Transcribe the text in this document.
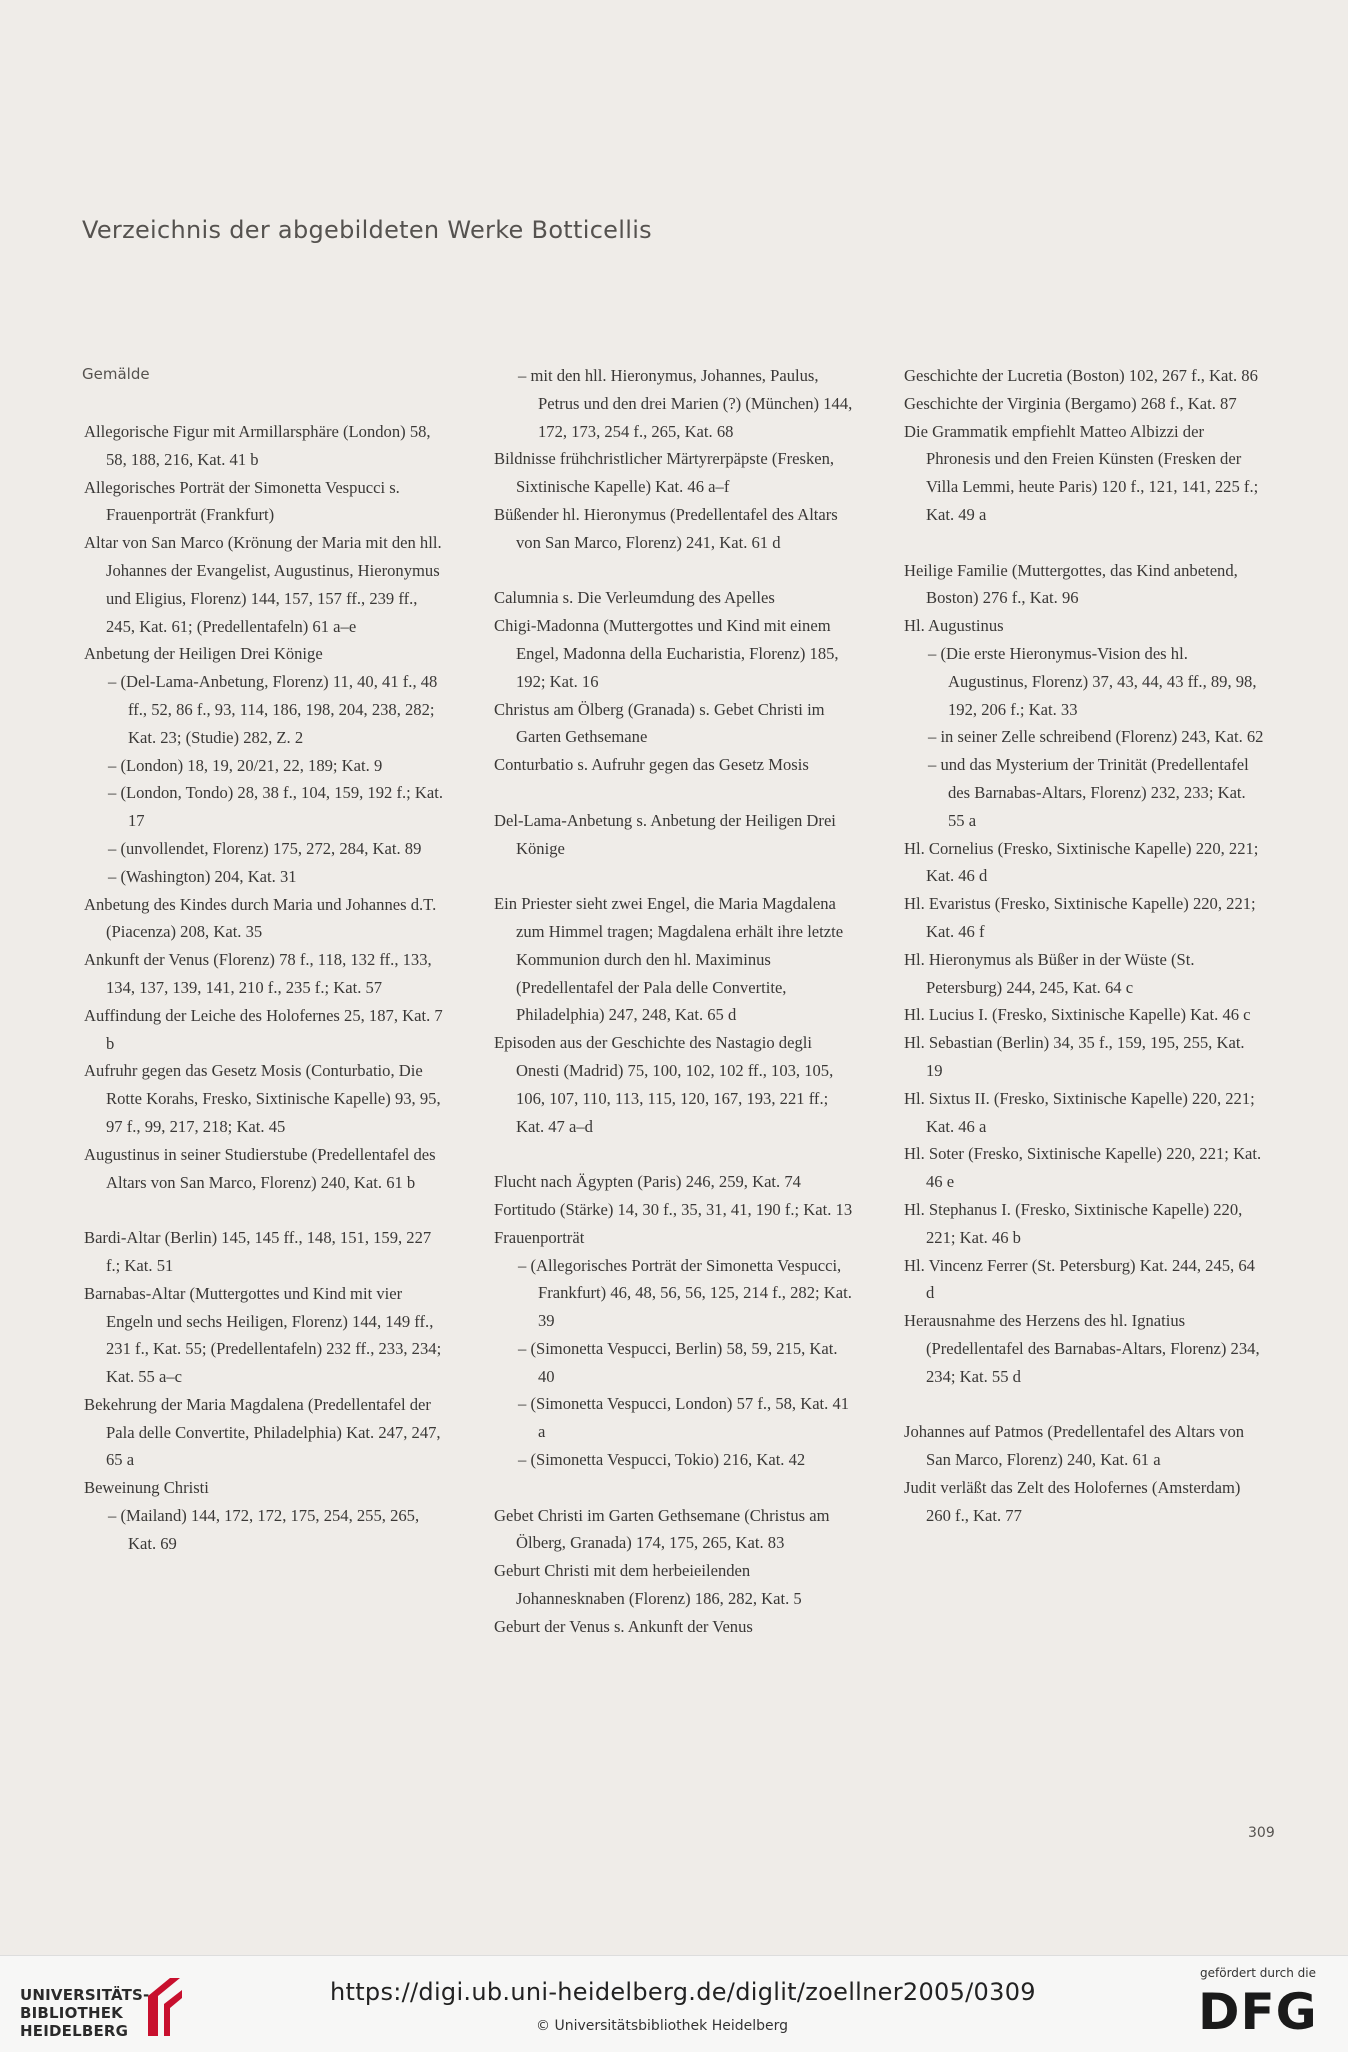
Verzeichnis der abgebildeten Werke Botticellis
Gemälde
Allegorische Figur mit Armillarsphäre (London) 58, 58, 188, 216, Kat. 41 b
Allegorisches Porträt der Simonetta Vespucci s. Frauenporträt (Frankfurt)
Altar von San Marco (Krönung der Maria mit den hll. Johannes der Evangelist, Augustinus, Hieronymus und Eligius, Florenz) 144, 157, 157 ff., 239 ff., 245, Kat. 61; (Predellentafeln) 61 a–e
Anbetung der Heiligen Drei Könige
– (Del-Lama-Anbetung, Florenz) 11, 40, 41 f., 48 ff., 52, 86 f., 93, 114, 186, 198, 204, 238, 282; Kat. 23; (Studie) 282, Z. 2
– (London) 18, 19, 20/21, 22, 189; Kat. 9
– (London, Tondo) 28, 38 f., 104, 159, 192 f.; Kat. 17
– (unvollendet, Florenz) 175, 272, 284, Kat. 89
– (Washington) 204, Kat. 31
Anbetung des Kindes durch Maria und Johannes d.T. (Piacenza) 208, Kat. 35
Ankunft der Venus (Florenz) 78 f., 118, 132 ff., 133, 134, 137, 139, 141, 210 f., 235 f.; Kat. 57
Auffindung der Leiche des Holofernes 25, 187, Kat. 7 b
Aufruhr gegen das Gesetz Mosis (Conturbatio, Die Rotte Korahs, Fresko, Sixtinische Kapelle) 93, 95, 97 f., 99, 217, 218; Kat. 45
Augustinus in seiner Studierstube (Predellentafel des Altars von San Marco, Florenz) 240, Kat. 61 b
Bardi-Altar (Berlin) 145, 145 ff., 148, 151, 159, 227 f.; Kat. 51
Barnabas-Altar (Muttergottes und Kind mit vier Engeln und sechs Heiligen, Florenz) 144, 149 ff., 231 f., Kat. 55; (Predellentafeln) 232 ff., 233, 234; Kat. 55 a–c
Bekehrung der Maria Magdalena (Predellentafel der Pala delle Convertite, Philadelphia) Kat. 247, 247, 65 a
Beweinung Christi
– (Mailand) 144, 172, 172, 175, 254, 255, 265, Kat. 69
– mit den hll. Hieronymus, Johannes, Paulus, Petrus und den drei Marien (?) (München) 144, 172, 173, 254 f., 265, Kat. 68
Bildnisse frühchristlicher Märtyrerpäpste (Fresken, Sixtinische Kapelle) Kat. 46 a–f
Büßender hl. Hieronymus (Predellentafel des Altars von San Marco, Florenz) 241, Kat. 61 d
Calumnia s. Die Verleumdung des Apelles
Chigi-Madonna (Muttergottes und Kind mit einem Engel, Madonna della Eucharistia, Florenz) 185, 192; Kat. 16
Christus am Ölberg (Granada) s. Gebet Christi im Garten Gethsemane
Conturbatio s. Aufruhr gegen das Gesetz Mosis
Del-Lama-Anbetung s. Anbetung der Heiligen Drei Könige
Ein Priester sieht zwei Engel, die Maria Magdalena zum Himmel tragen; Magdalena erhält ihre letzte Kommunion durch den hl. Maximinus (Predellentafel der Pala delle Convertite, Philadelphia) 247, 248, Kat. 65 d
Episoden aus der Geschichte des Nastagio degli Onesti (Madrid) 75, 100, 102, 102 ff., 103, 105, 106, 107, 110, 113, 115, 120, 167, 193, 221 ff.; Kat. 47 a–d
Flucht nach Ägypten (Paris) 246, 259, Kat. 74
Fortitudo (Stärke) 14, 30 f., 35, 31, 41, 190 f.; Kat. 13
Frauenporträt
– (Allegorisches Porträt der Simonetta Vespucci, Frankfurt) 46, 48, 56, 56, 125, 214 f., 282; Kat. 39
– (Simonetta Vespucci, Berlin) 58, 59, 215, Kat. 40
– (Simonetta Vespucci, London) 57 f., 58, Kat. 41 a
– (Simonetta Vespucci, Tokio) 216, Kat. 42
Gebet Christi im Garten Gethsemane (Christus am Ölberg, Granada) 174, 175, 265, Kat. 83
Geburt Christi mit dem herbeieilenden Johannesknaben (Florenz) 186, 282, Kat. 5
Geburt der Venus s. Ankunft der Venus
Geschichte der Lucretia (Boston) 102, 267 f., Kat. 86
Geschichte der Virginia (Bergamo) 268 f., Kat. 87
Die Grammatik empfiehlt Matteo Albizzi der Phronesis und den Freien Künsten (Fresken der Villa Lemmi, heute Paris) 120 f., 121, 141, 225 f.; Kat. 49 a
Heilige Familie (Muttergottes, das Kind anbetend, Boston) 276 f., Kat. 96
Hl. Augustinus
– (Die erste Hieronymus-Vision des hl. Augustinus, Florenz) 37, 43, 44, 43 ff., 89, 98, 192, 206 f.; Kat. 33
– in seiner Zelle schreibend (Florenz) 243, Kat. 62
– und das Mysterium der Trinität (Predellentafel des Barnabas-Altars, Florenz) 232, 233; Kat. 55 a
Hl. Cornelius (Fresko, Sixtinische Kapelle) 220, 221; Kat. 46 d
Hl. Evaristus (Fresko, Sixtinische Kapelle) 220, 221; Kat. 46 f
Hl. Hieronymus als Büßer in der Wüste (St. Petersburg) 244, 245, Kat. 64 c
Hl. Lucius I. (Fresko, Sixtinische Kapelle) Kat. 46 c
Hl. Sebastian (Berlin) 34, 35 f., 159, 195, 255, Kat. 19
Hl. Sixtus II. (Fresko, Sixtinische Kapelle) 220, 221; Kat. 46 a
Hl. Soter (Fresko, Sixtinische Kapelle) 220, 221; Kat. 46 e
Hl. Stephanus I. (Fresko, Sixtinische Kapelle) 220, 221; Kat. 46 b
Hl. Vincenz Ferrer (St. Petersburg) Kat. 244, 245, 64 d
Herausnahme des Herzens des hl. Ignatius (Predellentafel des Barnabas-Altars, Florenz) 234, 234; Kat. 55 d
Johannes auf Patmos (Predellentafel des Altars von San Marco, Florenz) 240, Kat. 61 a
Judit verläßt das Zelt des Holofernes (Amsterdam) 260 f., Kat. 77
309
UNIVERSITÄTS-
BIBLIOTHEK
HEIDELBERG
https://digi.ub.uni-heidelberg.de/diglit/zoellner2005/0309
© Universitätsbibliothek Heidelberg
gefördert durch die
DFG
